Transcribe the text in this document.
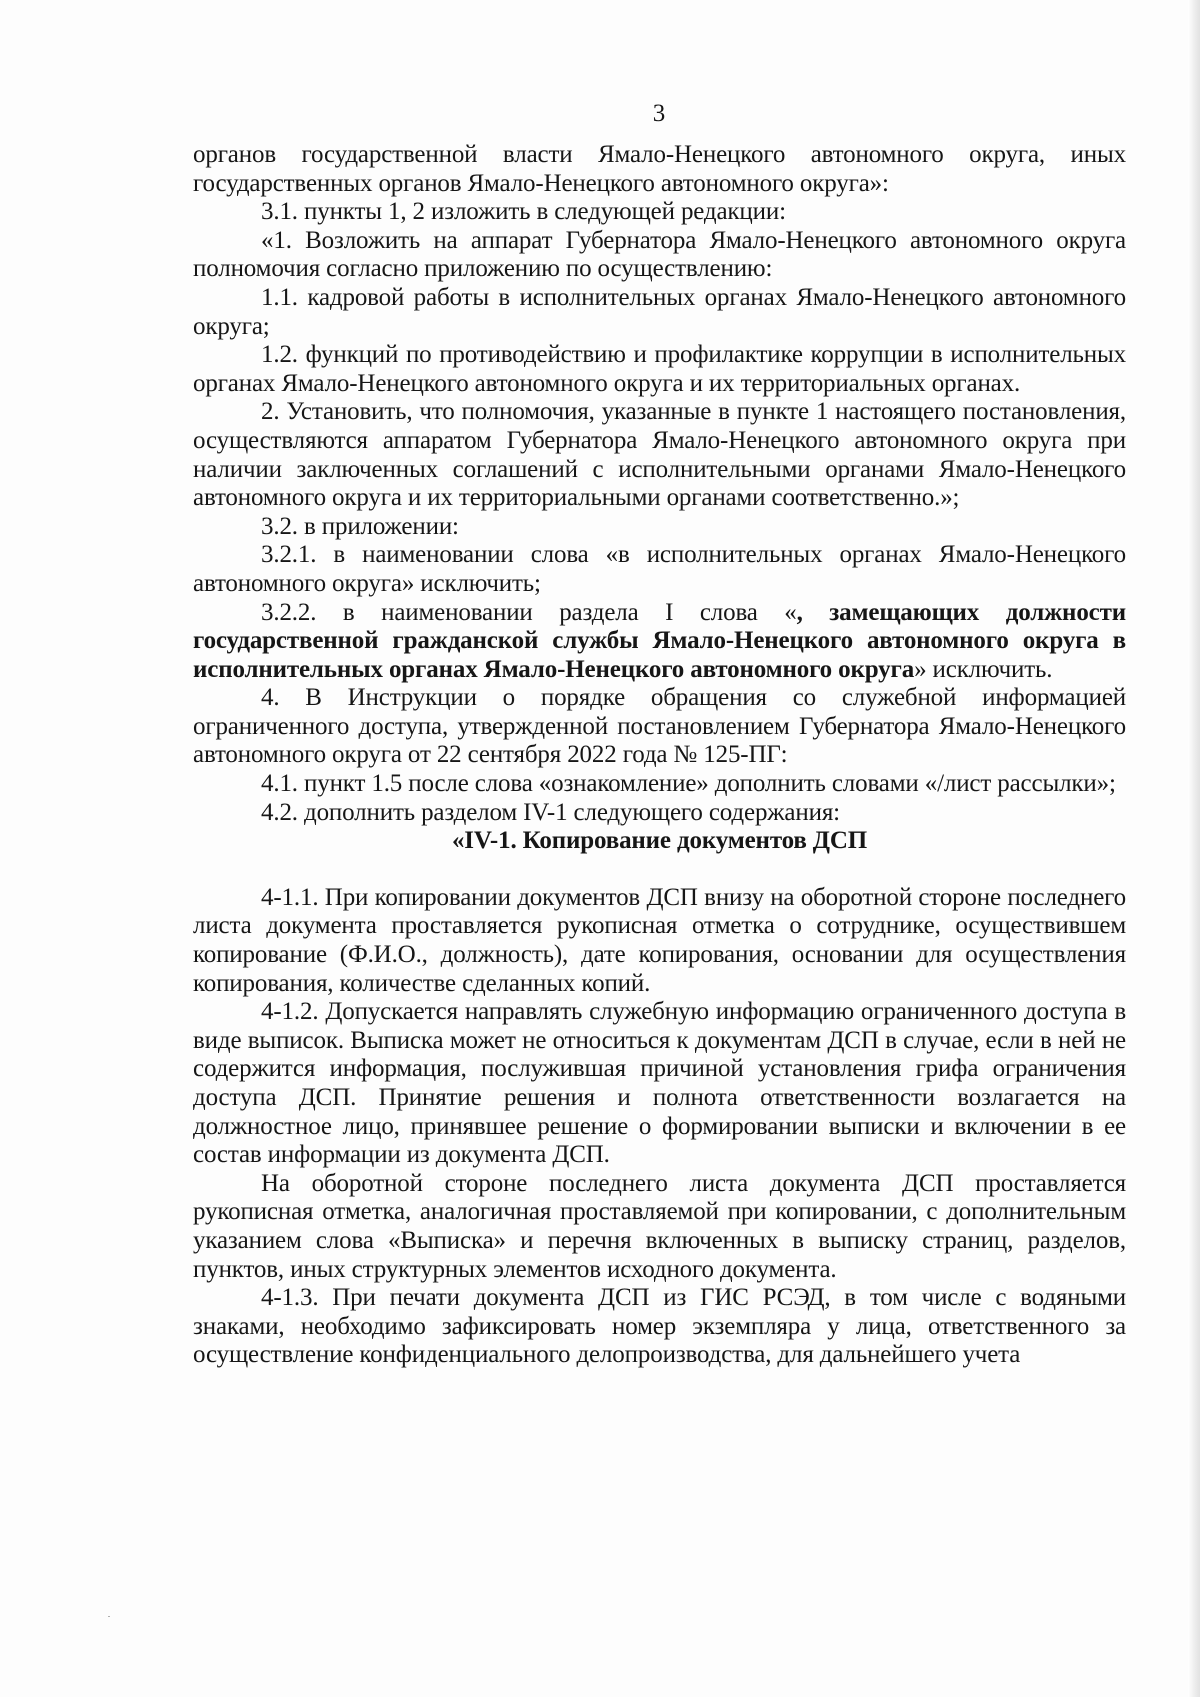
3

органов государственной власти Ямало-Ненецкого автономного округа, иных государственных органов Ямало-Ненецкого автономного округа»:

3.1. пункты 1, 2 изложить в следующей редакции:

«1. Возложить на аппарат Губернатора Ямало-Ненецкого автономного округа полномочия согласно приложению по осуществлению:

1.1. кадровой работы в исполнительных органах Ямало-Ненецкого автономного округа;

1.2. функций по противодействию и профилактике коррупции в исполнительных органах Ямало-Ненецкого автономного округа и их территориальных органах.

2. Установить, что полномочия, указанные в пункте 1 настоящего постановления, осуществляются аппаратом Губернатора Ямало-Ненецкого автономного округа при наличии заключенных соглашений с исполнительными органами Ямало-Ненецкого автономного округа и их территориальными органами соответственно.»;

3.2. в приложении:

3.2.1. в наименовании слова «в исполнительных органах Ямало-Ненецкого автономного округа» исключить;

3.2.2. в наименовании раздела I слова «, замещающих должности государственной гражданской службы Ямало-Ненецкого автономного округа в исполнительных органах Ямало-Ненецкого автономного округа» исключить.

4. В Инструкции о порядке обращения со служебной информацией ограниченного доступа, утвержденной постановлением Губернатора Ямало-Ненецкого автономного округа от 22 сентября 2022 года № 125-ПГ:

4.1. пункт 1.5 после слова «ознакомление» дополнить словами «/лист рассылки»;

4.2. дополнить разделом IV-1 следующего содержания:

«IV-1. Копирование документов ДСП

4-1.1. При копировании документов ДСП внизу на оборотной стороне последнего листа документа проставляется рукописная отметка о сотруднике, осуществившем копирование (Ф.И.О., должность), дате копирования, основании для осуществления копирования, количестве сделанных копий.

4-1.2. Допускается направлять служебную информацию ограниченного доступа в виде выписок. Выписка может не относиться к документам ДСП в случае, если в ней не содержится информация, послужившая причиной установления грифа ограничения доступа ДСП. Принятие решения и полнота ответственности возлагается на должностное лицо, принявшее решение о формировании выписки и включении в ее состав информации из документа ДСП.

На оборотной стороне последнего листа документа ДСП проставляется рукописная отметка, аналогичная проставляемой при копировании, с дополнительным указанием слова «Выписка» и перечня включенных в выписку страниц, разделов, пунктов, иных структурных элементов исходного документа.

4-1.3. При печати документа ДСП из ГИС РСЭД, в том числе с водяными знаками, необходимо зафиксировать номер экземпляра у лица, ответственного за осуществление конфиденциального делопроизводства, для дальнейшего учета
